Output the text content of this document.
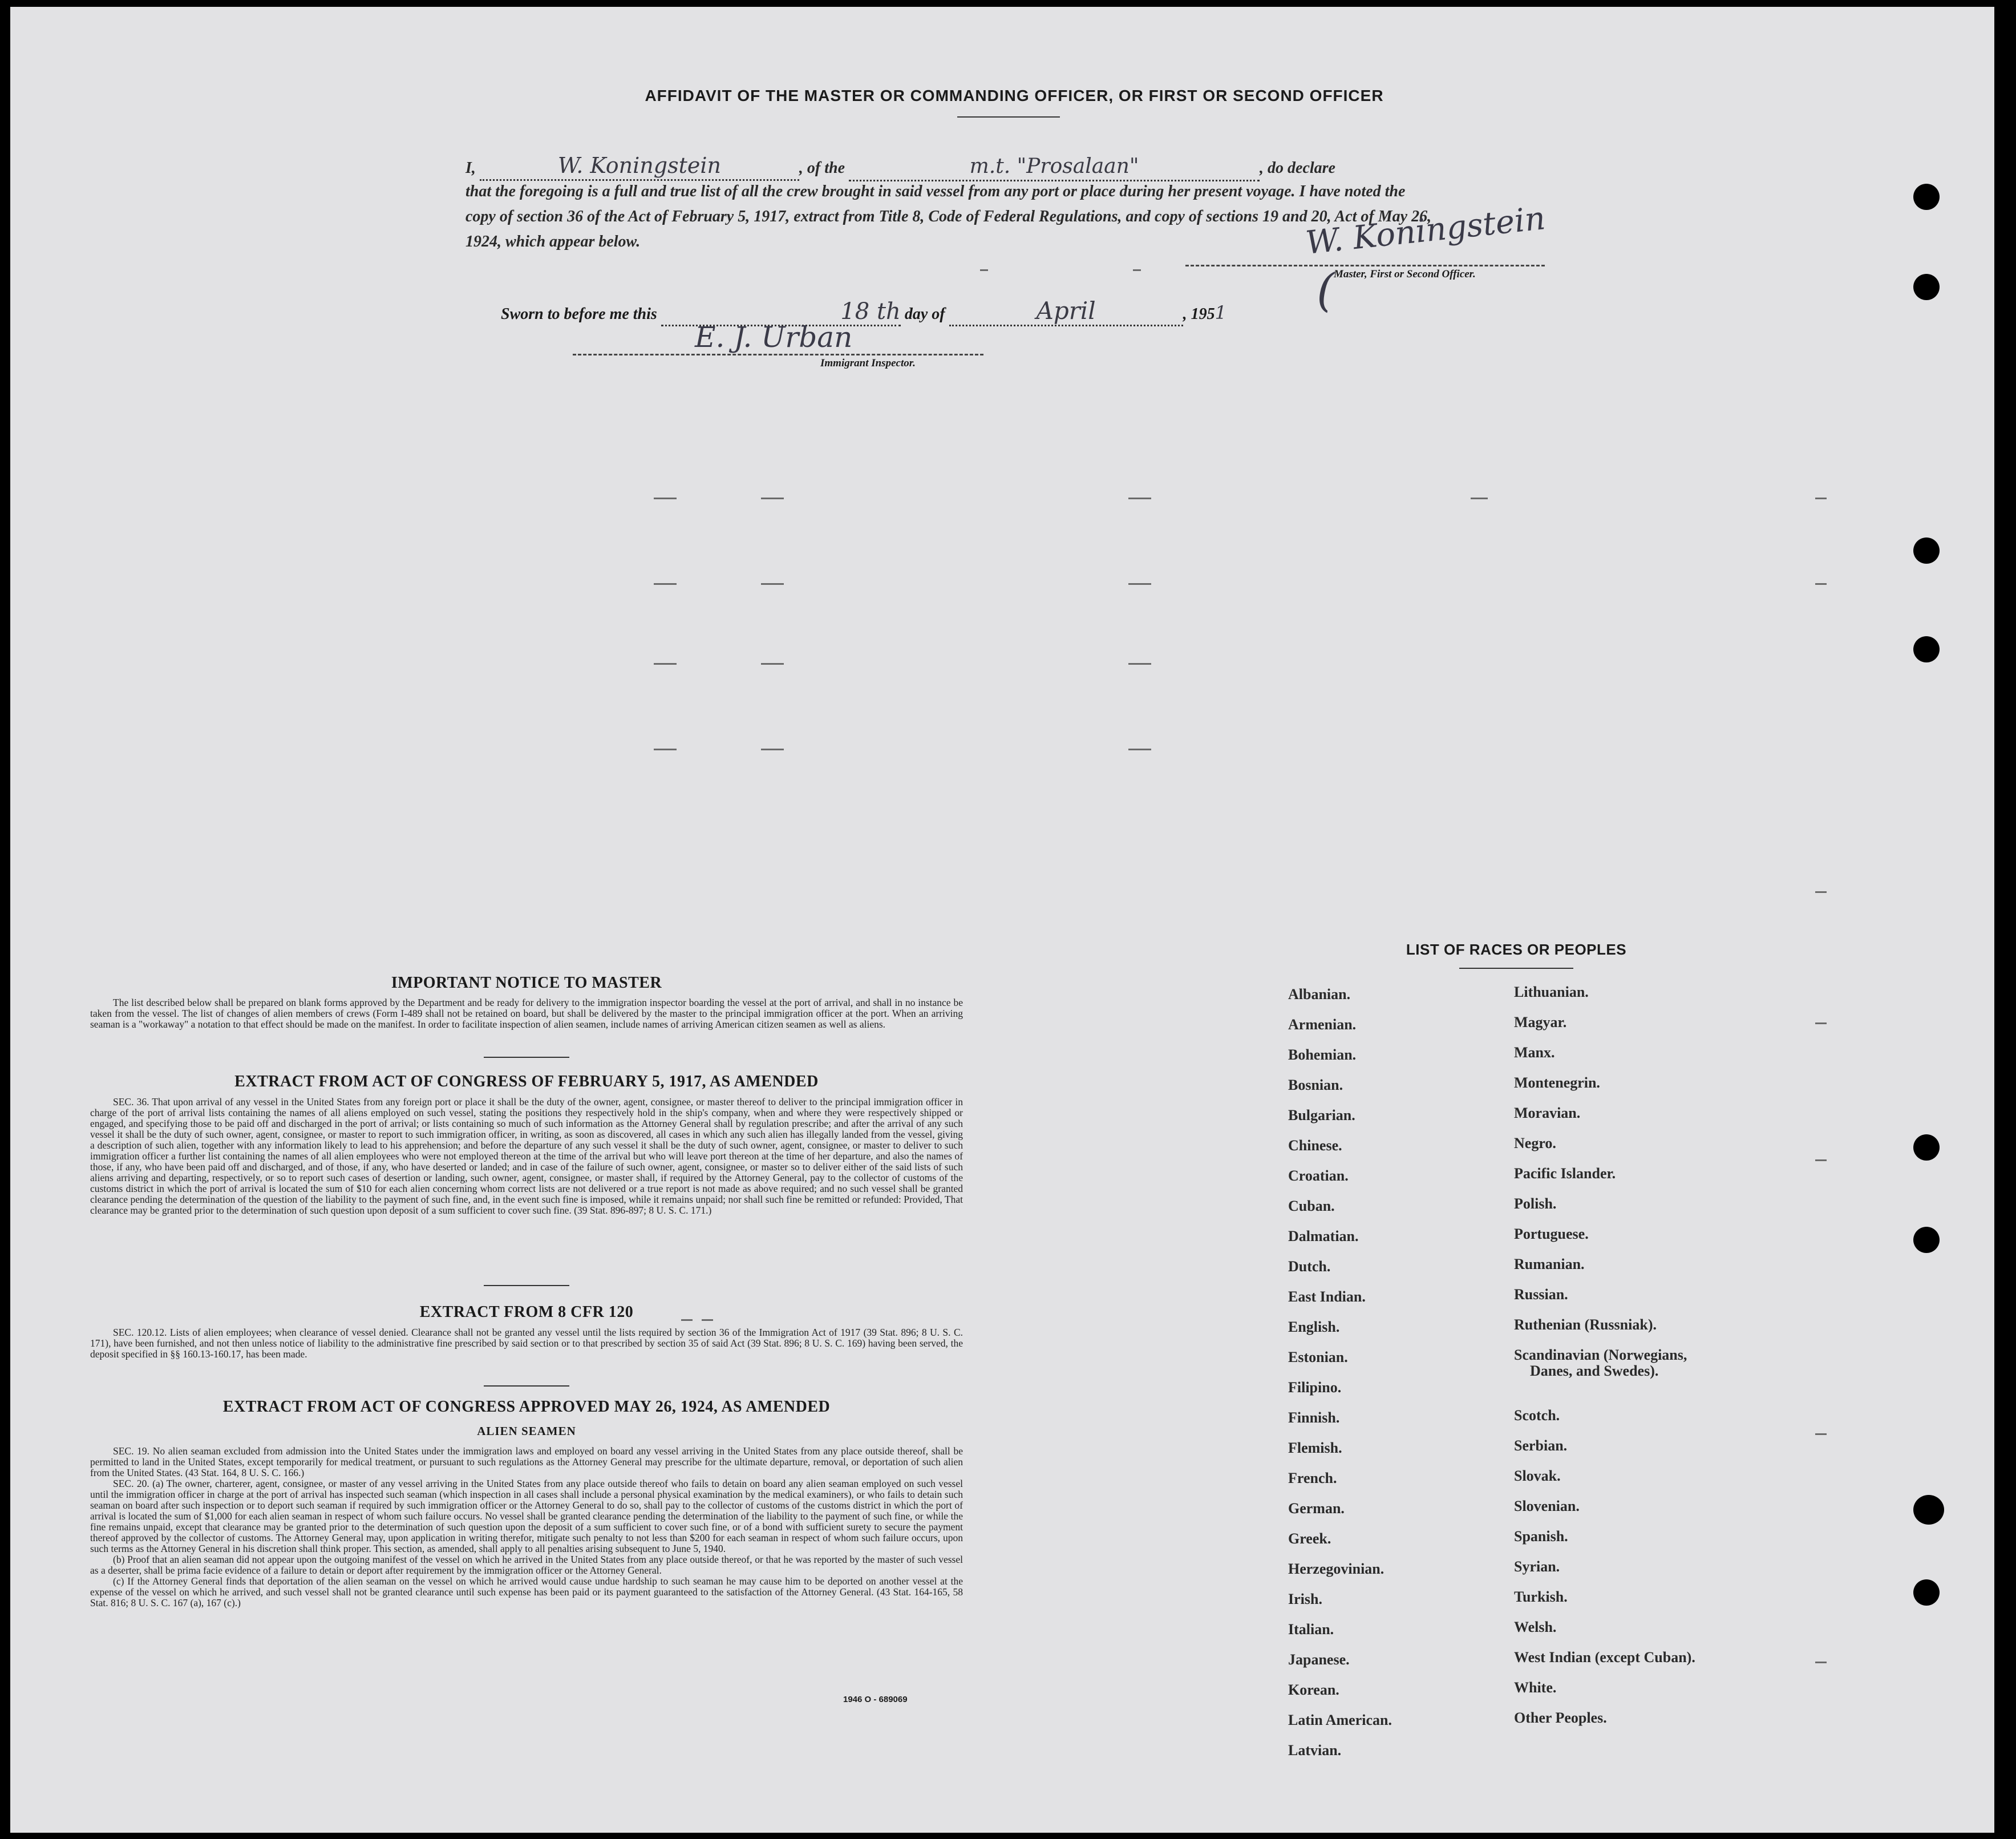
AFFIDAVIT OF THE MASTER OR COMMANDING OFFICER, OR FIRST OR SECOND OFFICER
I,	W. Koningstein	, of the	m.t. "Prosalaan"	, do declare
that the foregoing is a full and true list of all the crew brought in said vessel from any port or place during her present voyage. I have noted the copy of section 36 of the Act of February 5, 1917, extract from Title 8, Code of Federal Regulations, and copy of sections 19 and 20, Act of May 26, 1924, which appear below.	W. Koningstein
Master, First or Second Officer.
(
Sworn to before me this	18 th day of	April	, 1951
E. J. Urban
Immigrant Inspector.
IMPORTANT NOTICE TO MASTER

The list described below shall be prepared on blank forms approved by the Department and be ready for delivery to the immigration inspector boarding the vessel at the port of arrival, and shall in no instance be taken from the vessel. The list of changes of alien members of crews (Form I-489 shall not be retained on board, but shall be delivered by the master to the principal immigration officer at the port. When an arriving seaman is a "workaway" a notation to that effect should be made on the manifest. In order to facilitate inspection of alien seamen, include names of arriving American citizen seamen as well as aliens.

EXTRACT FROM ACT OF CONGRESS OF FEBRUARY 5, 1917, AS AMENDED

SEC. 36. That upon arrival of any vessel in the United States from any foreign port or place it shall be the duty of the owner, agent, consignee, or master thereof to deliver to the principal immigration officer in charge of the port of arrival lists containing the names of all aliens employed on such vessel, stating the positions they respectively hold in the ship's company, when and where they were respectively shipped or engaged, and specifying those to be paid off and discharged in the port of arrival; or lists containing so much of such information as the Attorney General shall by regulation prescribe; and after the arrival of any such vessel it shall be the duty of such owner, agent, consignee, or master to report to such immigration officer, in writing, as soon as discovered, all cases in which any such alien has illegally landed from the vessel, giving a description of such alien, together with any information likely to lead to his apprehension; and before the departure of any such vessel it shall be the duty of such owner, agent, consignee, or master to deliver to such immigration officer a further list containing the names of all alien employees who were not employed thereon at the time of the arrival but who will leave port thereon at the time of her departure, and also the names of those, if any, who have been paid off and discharged, and of those, if any, who have deserted or landed; and in case of the failure of such owner, agent, consignee, or master so to deliver either of the said lists of such aliens arriving and departing, respectively, or so to report such cases of desertion or landing, such owner, agent, consignee, or master shall, if required by the Attorney General, pay to the collector of customs of the customs district in which the port of arrival is located the sum of $10 for each alien concerning whom correct lists are not delivered or a true report is not made as above required; and no such vessel shall be granted clearance pending the determination of the question of the liability to the payment of such fine, and, in the event such fine is imposed, while it remains unpaid; nor shall such fine be remitted or refunded: Provided, That clearance may be granted prior to the determination of such question upon deposit of a sum sufficient to cover such fine. (39 Stat. 896-897; 8 U. S. C. 171.)

EXTRACT FROM 8 CFR 120

SEC. 120.12. Lists of alien employees; when clearance of vessel denied. Clearance shall not be granted any vessel until the lists required by section 36 of the Immigration Act of 1917 (39 Stat. 896; 8 U. S. C. 171), have been furnished, and not then unless notice of liability to the administrative fine prescribed by said section or to that prescribed by section 35 of said Act (39 Stat. 896; 8 U. S. C. 169) having been served, the deposit specified in §§ 160.13-160.17, has been made.

EXTRACT FROM ACT OF CONGRESS APPROVED MAY 26, 1924, AS AMENDED
ALIEN SEAMEN

SEC. 19. No alien seaman excluded from admission into the United States under the immigration laws and employed on board any vessel arriving in the United States from any place outside thereof, shall be permitted to land in the United States, except temporarily for medical treatment, or pursuant to such regulations as the Attorney General may prescribe for the ultimate departure, removal, or deportation of such alien from the United States. (43 Stat. 164, 8 U. S. C. 166.)

SEC. 20. (a) The owner, charterer, agent, consignee, or master of any vessel arriving in the United States from any place outside thereof who fails to detain on board any alien seaman employed on such vessel until the immigration officer in charge at the port of arrival has inspected such seaman (which inspection in all cases shall include a personal physical examination by the medical examiners), or who fails to detain such seaman on board after such inspection or to deport such seaman if required by such immigration officer or the Attorney General to do so, shall pay to the collector of customs of the customs district in which the port of arrival is located the sum of $1,000 for each alien seaman in respect of whom such failure occurs. No vessel shall be granted clearance pending the determination of the liability to the payment of such fine, or while the fine remains unpaid, except that clearance may be granted prior to the determination of such question upon the deposit of a sum sufficient to cover such fine, or of a bond with sufficient surety to secure the payment thereof approved by the collector of customs. The Attorney General may, upon application in writing therefor, mitigate such penalty to not less than $200 for each seaman in respect of whom such failure occurs, upon such terms as the Attorney General in his discretion shall think proper. This section, as amended, shall apply to all penalties arising subsequent to June 5, 1940.

(b) Proof that an alien seaman did not appear upon the outgoing manifest of the vessel on which he arrived in the United States from any place outside thereof, or that he was reported by the master of such vessel as a deserter, shall be prima facie evidence of a failure to detain or deport after requirement by the immigration officer or the Attorney General.

(c) If the Attorney General finds that deportation of the alien seaman on the vessel on which he arrived would cause undue hardship to such seaman he may cause him to be deported on another vessel at the expense of the vessel on which he arrived, and such vessel shall not be granted clearance until such expense has been paid or its payment guaranteed to the satisfaction of the Attorney General. (43 Stat. 164-165, 58 Stat. 816; 8 U. S. C. 167 (a), 167 (c).)

1946 O - 689069
LIST OF RACES OR PEOPLES
Albanian.
Armenian.
Bohemian.
Bosnian.
Bulgarian.
Chinese.
Croatian.
Cuban.
Dalmatian.
Dutch.
East Indian.
English.
Estonian.
Filipino.
Finnish.
Flemish.
French.
German.
Greek.
Herzegovinian.
Irish.
Italian.
Japanese.
Korean.
Latin American.
Latvian.
Lithuanian.
Magyar.
Manx.
Montenegrin.
Moravian.
Negro.
Pacific Islander.
Polish.
Portuguese.
Rumanian.
Russian.
Ruthenian (Russniak).
Scandinavian (Norwegians,
Danes, and Swedes).
Scotch.
Serbian.
Slovak.
Slovenian.
Spanish.
Syrian.
Turkish.
Welsh.
West Indian (except Cuban).
White.
Other Peoples.
